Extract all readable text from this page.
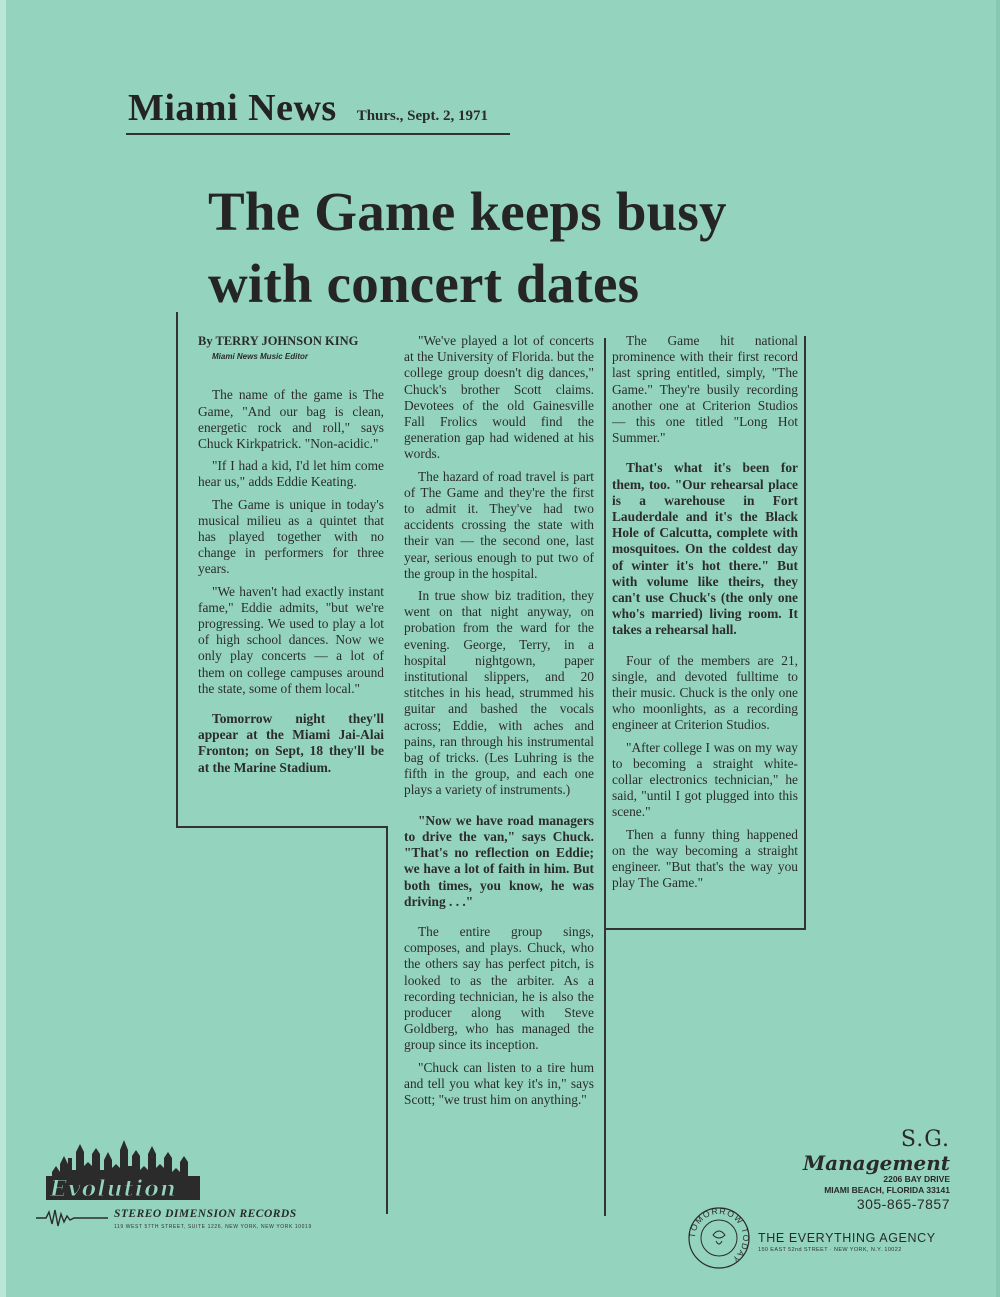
Miami News Thurs., Sept. 2, 1971
The Game keeps busy
with concert dates

By TERRY JOHNSON KING

Miami News Music Editor

The name of the game is The Game, "And our bag is clean, energetic rock and roll," says Chuck Kirkpatrick. "Non-acidic."

"If I had a kid, I'd let him come hear us," adds Eddie Keating.

The Game is unique in today's musical milieu as a quintet that has played together with no change in performers for three years.

"We haven't had exactly instant fame," Eddie admits, "but we're progressing. We used to play a lot of high school dances. Now we only play concerts — a lot of them on college campuses around the state, some of them local."

Tomorrow night they'll appear at the Miami Jai-Alai Fronton; on Sept, 18 they'll be at the Marine Stadium.

"We've played a lot of concerts at the University of Florida. but the college group doesn't dig dances," Chuck's brother Scott claims. Devotees of the old Gainesville Fall Frolics would find the generation gap had widened at his words.

The hazard of road travel is part of The Game and they're the first to admit it. They've had two accidents crossing the state with their van — the second one, last year, serious enough to put two of the group in the hospital.

In true show biz tradition, they went on that night anyway, on probation from the ward for the evening. George, Terry, in a hospital nightgown, paper institutional slippers, and 20 stitches in his head, strummed his guitar and bashed the vocals across; Eddie, with aches and pains, ran through his instrumental bag of tricks. (Les Luhring is the fifth in the group, and each one plays a variety of instruments.)

"Now we have road managers to drive the van," says Chuck. "That's no reflection on Eddie; we have a lot of faith in him. But both times, you know, he was driving . . ."

The entire group sings, composes, and plays. Chuck, who the others say has perfect pitch, is looked to as the arbiter. As a recording technician, he is also the producer along with Steve Goldberg, who has managed the group since its inception.

"Chuck can listen to a tire hum and tell you what key it's in," says Scott; "we trust him on anything."

The Game hit national prominence with their first record last spring entitled, simply, "The Game." They're busily recording another one at Criterion Studios — this one titled "Long Hot Summer."

That's what it's been for them, too. "Our rehearsal place is a warehouse in Fort Lauderdale and it's the Black Hole of Calcutta, complete with mosquitoes. On the coldest day of winter it's hot there." But with volume like theirs, they can't use Chuck's (the only one who's married) living room. It takes a rehearsal hall.

Four of the members are 21, single, and devoted fulltime to their music. Chuck is the only one who moonlights, as a recording engineer at Criterion Studios.

"After college I was on my way to becoming a straight white-collar electronics technician," he said, "until I got plugged into this scene."

Then a funny thing happened on the way becoming a straight engineer. "But that's the way you play The Game."

Evolution
STEREO DIMENSION RECORDS
119 WEST 57TH STREET, SUITE 1226, NEW YORK, NEW YORK 10019
S.G.
Management
2206 BAY DRIVE
MIAMI BEACH, FLORIDA 33141
305-865-7857
TOMORROW TODAY
THE EVERYTHING AGENCY
150 EAST 52nd STREET · NEW YORK, N.Y. 10022
